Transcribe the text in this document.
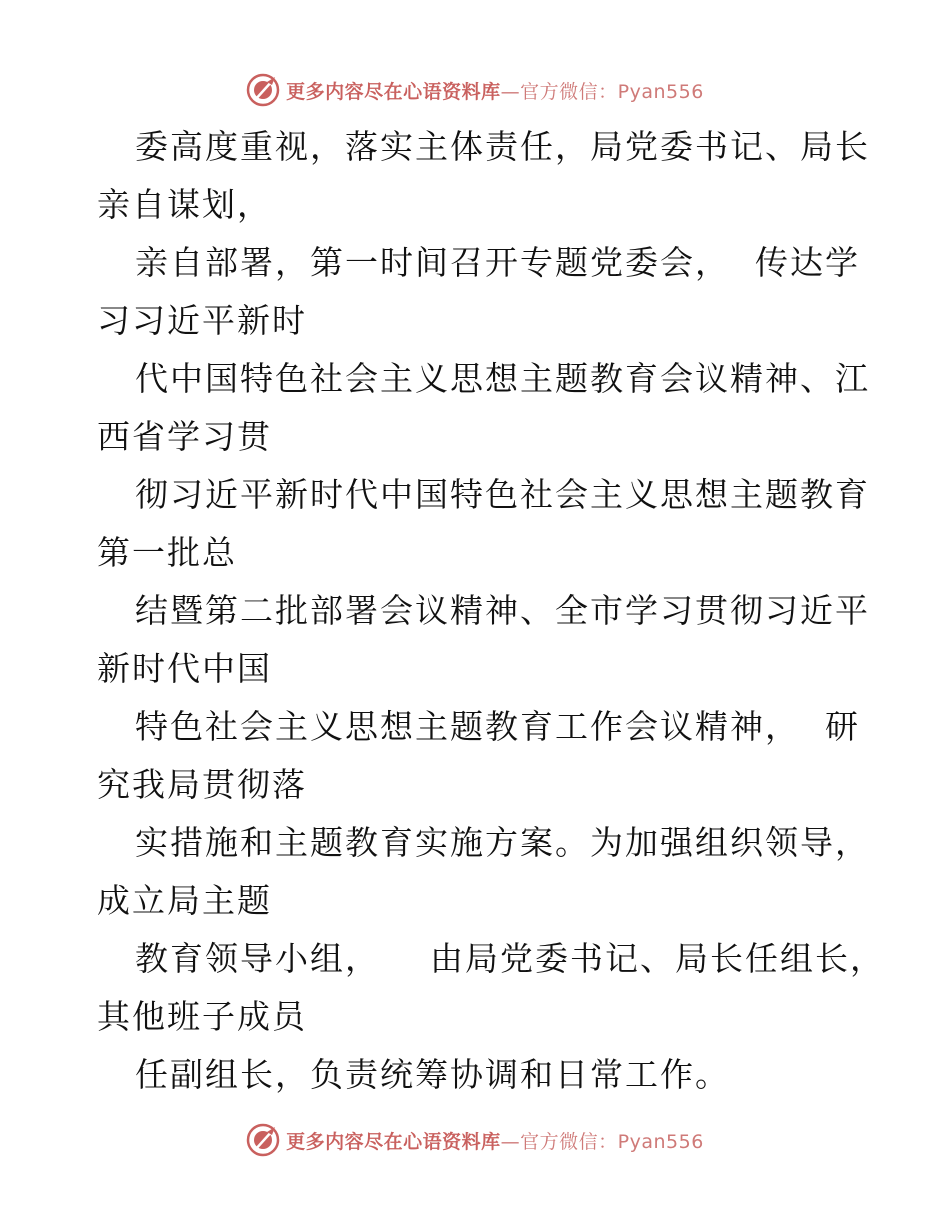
更多内容尽在心语资料库—官方微信：Pyan556
委高度重视，落实主体责任，局党委书记、局长
亲自谋划，
亲自部署，第一时间召开专题党委会，  传达学
习习近平新时
代中国特色社会主义思想主题教育会议精神、江
西省学习贯
彻习近平新时代中国特色社会主义思想主题教育
第一批总
结暨第二批部署会议精神、全市学习贯彻习近平
新时代中国
特色社会主义思想主题教育工作会议精神，  研
究我局贯彻落
实措施和主题教育实施方案。为加强组织领导，
成立局主题
教育领导小组，    由局党委书记、局长任组长，
其他班子成员
任副组长，负责统筹协调和日常工作。
更多内容尽在心语资料库—官方微信：Pyan556
